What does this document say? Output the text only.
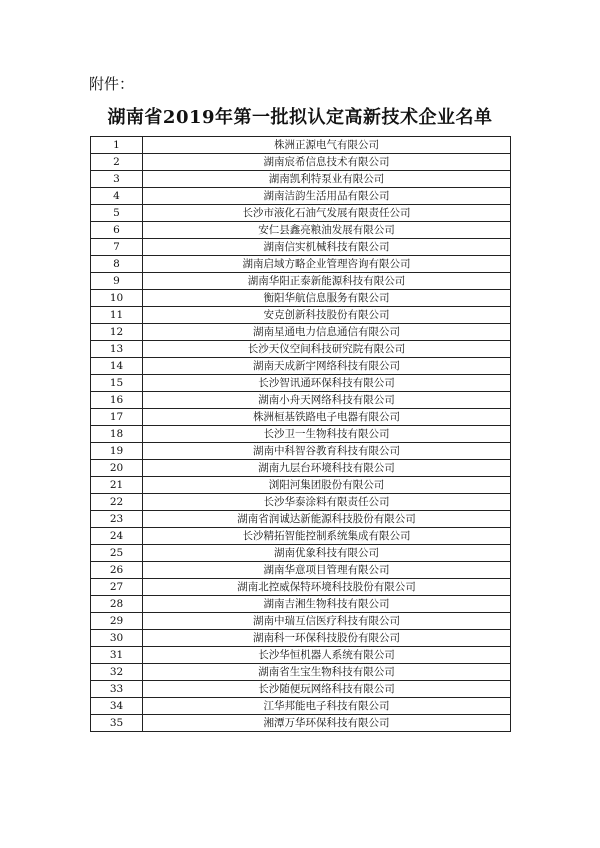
附件：
湖南省2019年第一批拟认定高新技术企业名单
1	株洲正源电气有限公司
2	湖南宸希信息技术有限公司
3	湖南凯利特泵业有限公司
4	湖南洁韵生活用品有限公司
5	长沙市液化石油气发展有限责任公司
6	安仁县鑫亮粮油发展有限公司
7	湖南信实机械科技有限公司
8	湖南启域方略企业管理咨询有限公司
9	湖南华阳正泰新能源科技有限公司
10	衡阳华航信息服务有限公司
11	安克创新科技股份有限公司
12	湖南星通电力信息通信有限公司
13	长沙天仪空间科技研究院有限公司
14	湖南天成新宇网络科技有限公司
15	长沙智讯通环保科技有限公司
16	湖南小舟天网络科技有限公司
17	株洲桓基铁路电子电器有限公司
18	长沙卫一生物科技有限公司
19	湖南中科智谷教育科技有限公司
20	湖南九层台环境科技有限公司
21	浏阳河集团股份有限公司
22	长沙华泰涂料有限责任公司
23	湖南省润诚达新能源科技股份有限公司
24	长沙精拓智能控制系统集成有限公司
25	湖南优象科技有限公司
26	湖南华意项目管理有限公司
27	湖南北控威保特环境科技股份有限公司
28	湖南吉湘生物科技有限公司
29	湖南中瑞互信医疗科技有限公司
30	湖南科一环保科技股份有限公司
31	长沙华恒机器人系统有限公司
32	湖南省生宝生物科技有限公司
33	长沙随便玩网络科技有限公司
34	江华邦能电子科技有限公司
35	湘潭万华环保科技有限公司
